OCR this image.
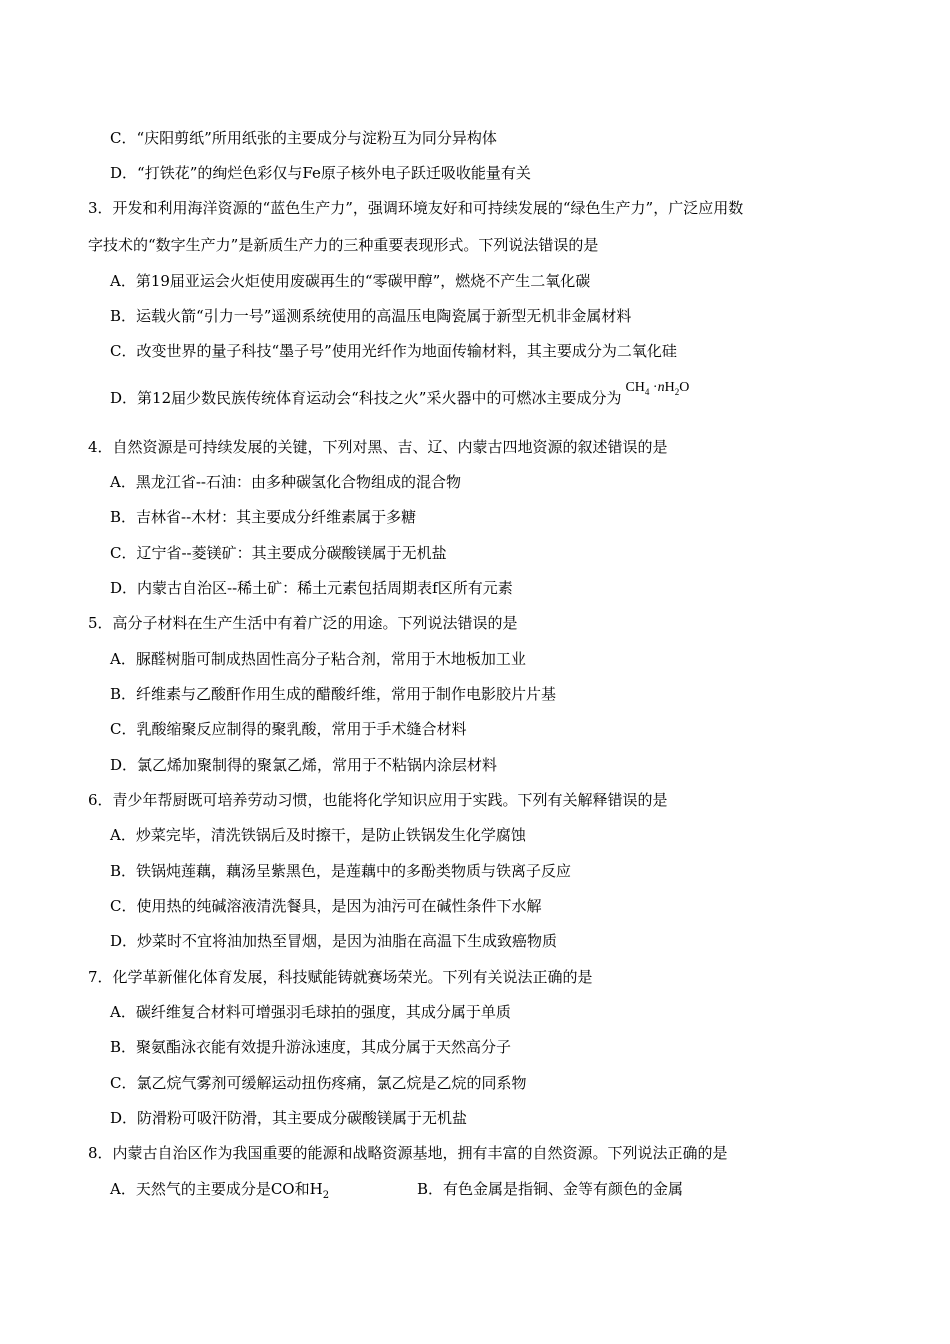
C．“庆阳剪纸”所用纸张的主要成分与淀粉互为同分异构体
D．“打铁花”的绚烂色彩仅与Fe原子核外电子跃迁吸收能量有关
3．开发和利用海洋资源的“蓝色生产力”，强调环境友好和可持续发展的“绿色生产力”，广泛应用数
字技术的“数字生产力”是新质生产力的三种重要表现形式。下列说法错误的是
A．第19届亚运会火炬使用废碳再生的“零碳甲醇”，燃烧不产生二氧化碳
B．运载火箭“引力一号”遥测系统使用的高温压电陶瓷属于新型无机非金属材料
C．改变世界的量子科技“墨子号”使用光纤作为地面传输材料，其主要成分为二氧化硅
D．第12届少数民族传统体育运动会“科技之火”采火器中的可燃冰主要成分为$CH_4 \cdot nH_2O$
4．自然资源是可持续发展的关键，下列对黑、吉、辽、内蒙古四地资源的叙述错误的是
A．黑龙江省--石油：由多种碳氢化合物组成的混合物
B．吉林省--木材：其主要成分纤维素属于多糖
C．辽宁省--菱镁矿：其主要成分碳酸镁属于无机盐
D．内蒙古自治区--稀土矿：稀土元素包括周期表f区所有元素
5．高分子材料在生产生活中有着广泛的用途。下列说法错误的是
A．脲醛树脂可制成热固性高分子粘合剂，常用于木地板加工业
B．纤维素与乙酸酐作用生成的醋酸纤维，常用于制作电影胶片片基
C．乳酸缩聚反应制得的聚乳酸，常用于手术缝合材料
D．氯乙烯加聚制得的聚氯乙烯，常用于不粘锅内涂层材料
6．青少年帮厨既可培养劳动习惯，也能将化学知识应用于实践。下列有关解释错误的是
A．炒菜完毕，清洗铁锅后及时擦干，是防止铁锅发生化学腐蚀
B．铁锅炖莲藕，藕汤呈紫黑色，是莲藕中的多酚类物质与铁离子反应
C．使用热的纯碱溶液清洗餐具，是因为油污可在碱性条件下水解
D．炒菜时不宜将油加热至冒烟，是因为油脂在高温下生成致癌物质
7．化学革新催化体育发展，科技赋能铸就赛场荣光。下列有关说法正确的是
A．碳纤维复合材料可增强羽毛球拍的强度，其成分属于单质
B．聚氨酯泳衣能有效提升游泳速度，其成分属于天然高分子
C．氯乙烷气雾剂可缓解运动扭伤疼痛，氯乙烷是乙烷的同系物
D．防滑粉可吸汗防滑，其主要成分碳酸镁属于无机盐
8．内蒙古自治区作为我国重要的能源和战略资源基地，拥有丰富的自然资源。下列说法正确的是
A．天然气的主要成分是CO和$H_2$	B．有色金属是指铜、金等有颜色的金属
